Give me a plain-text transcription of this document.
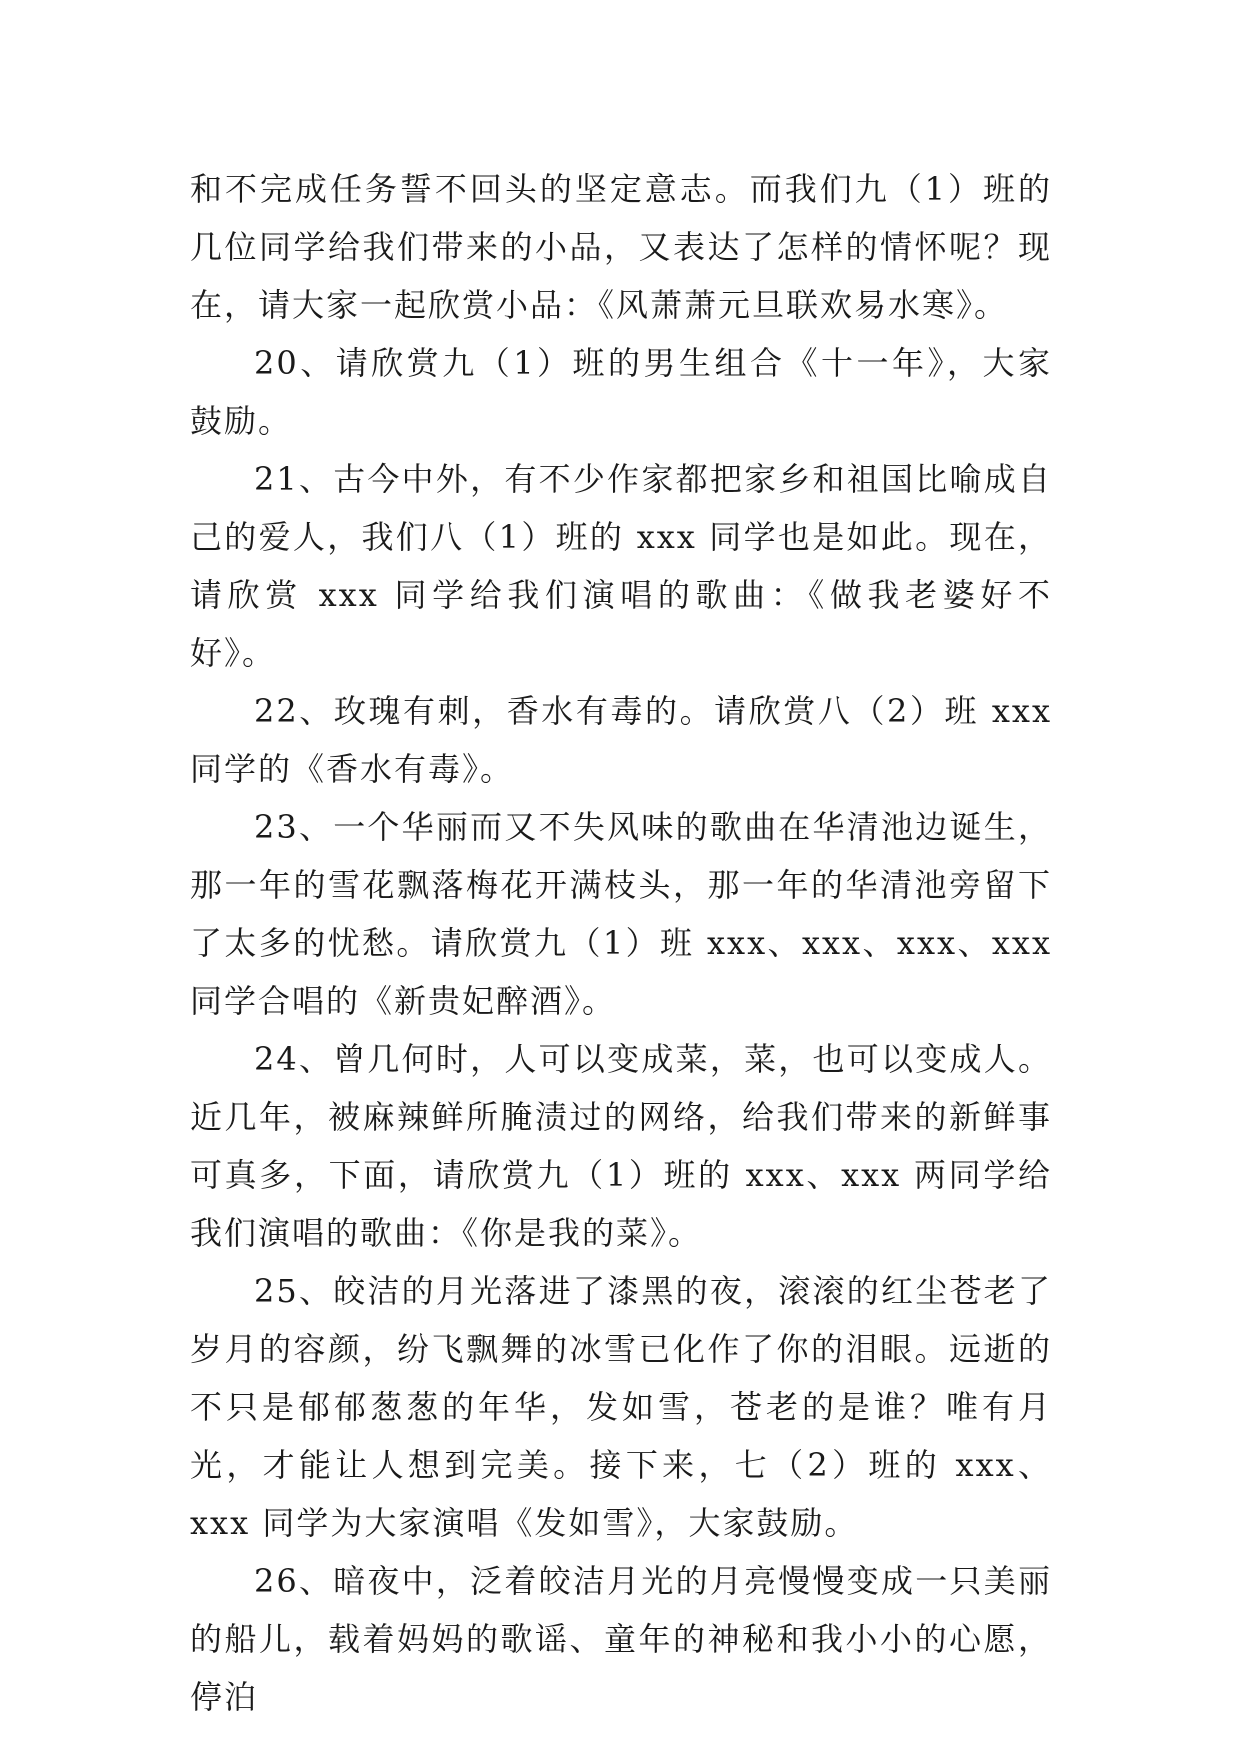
和不完成任务誓不回头的坚定意志。而我们九（1）班的几位同学给我们带来的小品，又表达了怎样的情怀呢？现在，请大家一起欣赏小品：《风萧萧元旦联欢易水寒》。

20、请欣赏九（1）班的男生组合《十一年》，大家鼓励。

21、古今中外，有不少作家都把家乡和祖国比喻成自己的爱人，我们八（1）班的 xxx 同学也是如此。现在，请欣赏 xxx 同学给我们演唱的歌曲：《做我老婆好不好》。

22、玫瑰有刺，香水有毒的。请欣赏八（2）班 xxx 同学的《香水有毒》。

23、一个华丽而又不失风味的歌曲在华清池边诞生，那一年的雪花飘落梅花开满枝头，那一年的华清池旁留下了太多的忧愁。请欣赏九（1）班 xxx、xxx、xxx、xxx 同学合唱的《新贵妃醉酒》。

24、曾几何时，人可以变成菜，菜，也可以变成人。近几年，被麻辣鲜所腌渍过的网络，给我们带来的新鲜事可真多，下面，请欣赏九（1）班的 xxx、xxx 两同学给我们演唱的歌曲：《你是我的菜》。

25、皎洁的月光落进了漆黑的夜，滚滚的红尘苍老了岁月的容颜，纷飞飘舞的冰雪已化作了你的泪眼。远逝的不只是郁郁葱葱的年华，发如雪，苍老的是谁？唯有月光，才能让人想到完美。接下来，七（2）班的 xxx、xxx 同学为大家演唱《发如雪》，大家鼓励。

26、暗夜中，泛着皎洁月光的月亮慢慢变成一只美丽的船儿，载着妈妈的歌谣、童年的神秘和我小小的心愿，停泊
